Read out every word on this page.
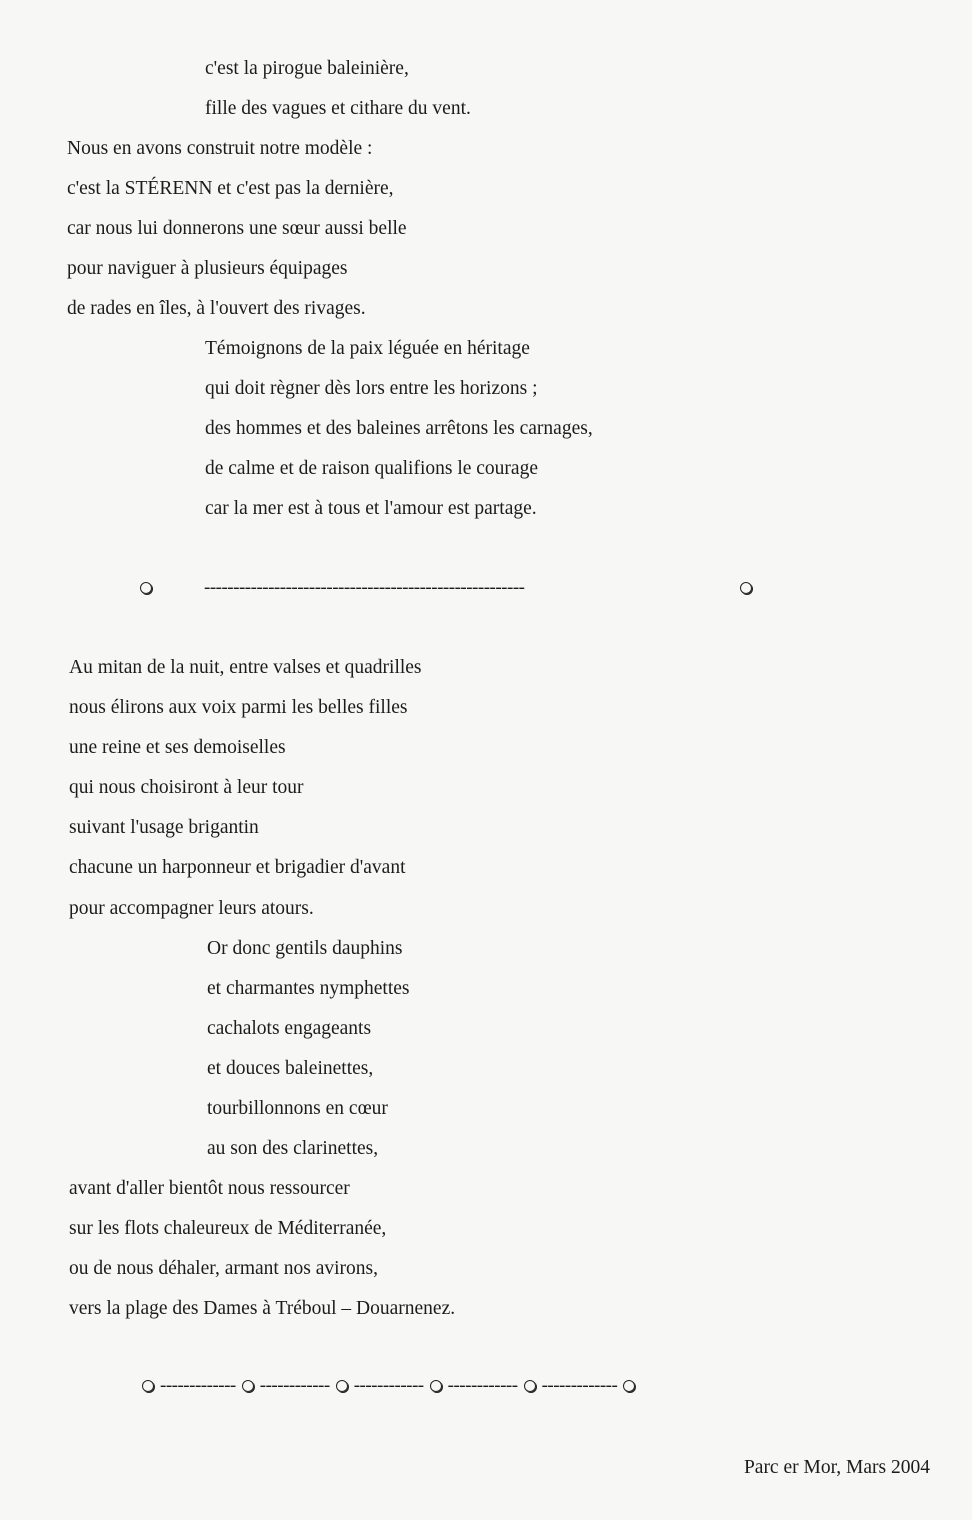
c'est la pirogue baleinière,
fille des vagues et cithare du vent.
Nous en avons construit notre modèle :
c'est la STÉRENN et c'est pas la dernière,
car nous lui donnerons une sœur aussi belle
pour naviguer à plusieurs équipages
de rades en îles, à l'ouvert des rivages.
Témoignons de la paix léguée en héritage
qui doit règner dès lors entre les horizons ;
des hommes et des baleines arrêtons les carnages,
de calme et de raison qualifions le courage
car la mer est à tous et l'amour est partage.
-------------------------------------------------------
Au mitan de la nuit, entre valses et quadrilles
nous élirons aux voix parmi les belles filles
une reine et ses demoiselles
qui nous choisiront à leur tour
suivant l'usage brigantin
chacune un harponneur et brigadier d'avant
pour accompagner leurs atours.
Or donc gentils dauphins
et charmantes nymphettes
cachalots engageants
et douces baleinettes,
tourbillonnons en cœur
au son des clarinettes,
avant d'aller bientôt nous ressourcer
sur les flots chaleureux de Méditerranée,
ou de nous déhaler, armant nos avirons,
vers la plage des Dames à Tréboul – Douarnenez.
------------- ------------ ------------ ------------ -------------
Parc er Mor, Mars 2004
